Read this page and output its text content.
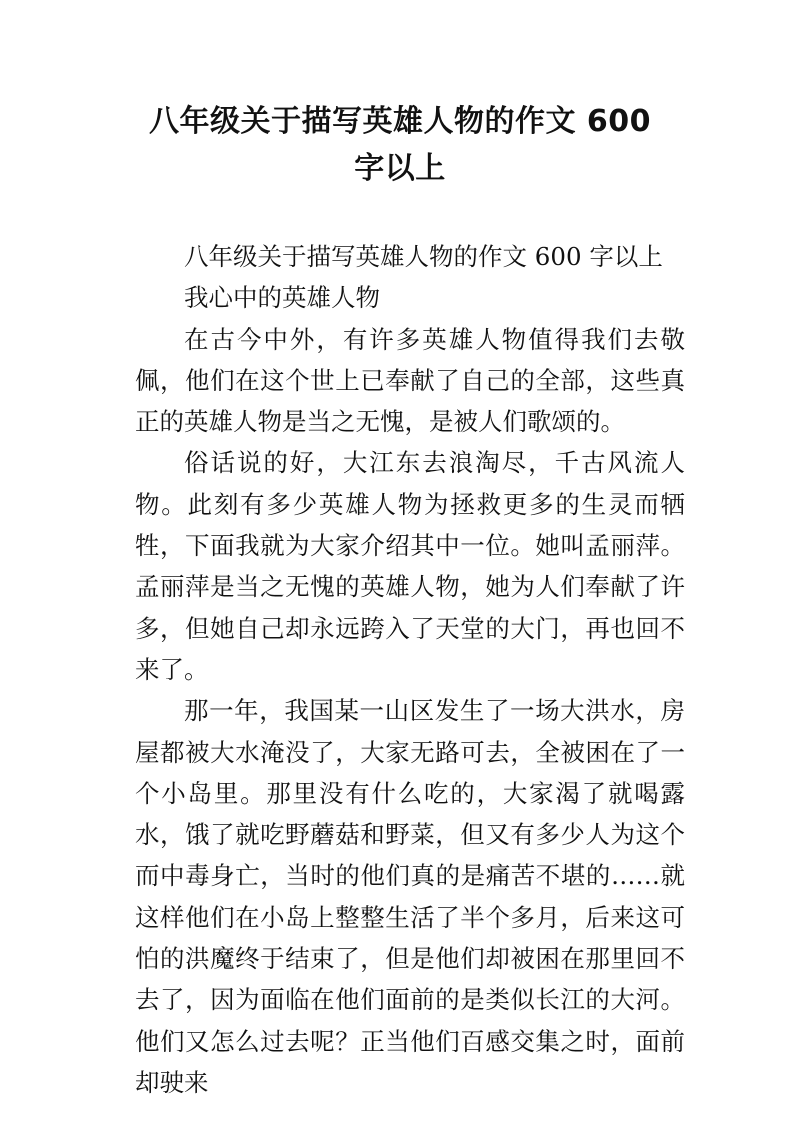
八年级关于描写英雄人物的作文 600
字以上

八年级关于描写英雄人物的作文 600 字以上

我心中的英雄人物

在古今中外，有许多英雄人物值得我们去敬佩，他们在这个世上已奉献了自己的全部，这些真正的英雄人物是当之无愧，是被人们歌颂的。

俗话说的好，大江东去浪淘尽，千古风流人物。此刻有多少英雄人物为拯救更多的生灵而牺牲，下面我就为大家介绍其中一位。她叫孟丽萍。孟丽萍是当之无愧的英雄人物，她为人们奉献了许多，但她自己却永远跨入了天堂的大门，再也回不来了。

那一年，我国某一山区发生了一场大洪水，房屋都被大水淹没了，大家无路可去，全被困在了一个小岛里。那里没有什么吃的，大家渴了就喝露水，饿了就吃野蘑菇和野菜，但又有多少人为这个而中毒身亡，当时的他们真的是痛苦不堪的……就这样他们在小岛上整整生活了半个多月，后来这可怕的洪魔终于结束了，但是他们却被困在那里回不去了，因为面临在他们面前的是类似长江的大河。他们又怎么过去呢？正当他们百感交集之时，面前却驶来
